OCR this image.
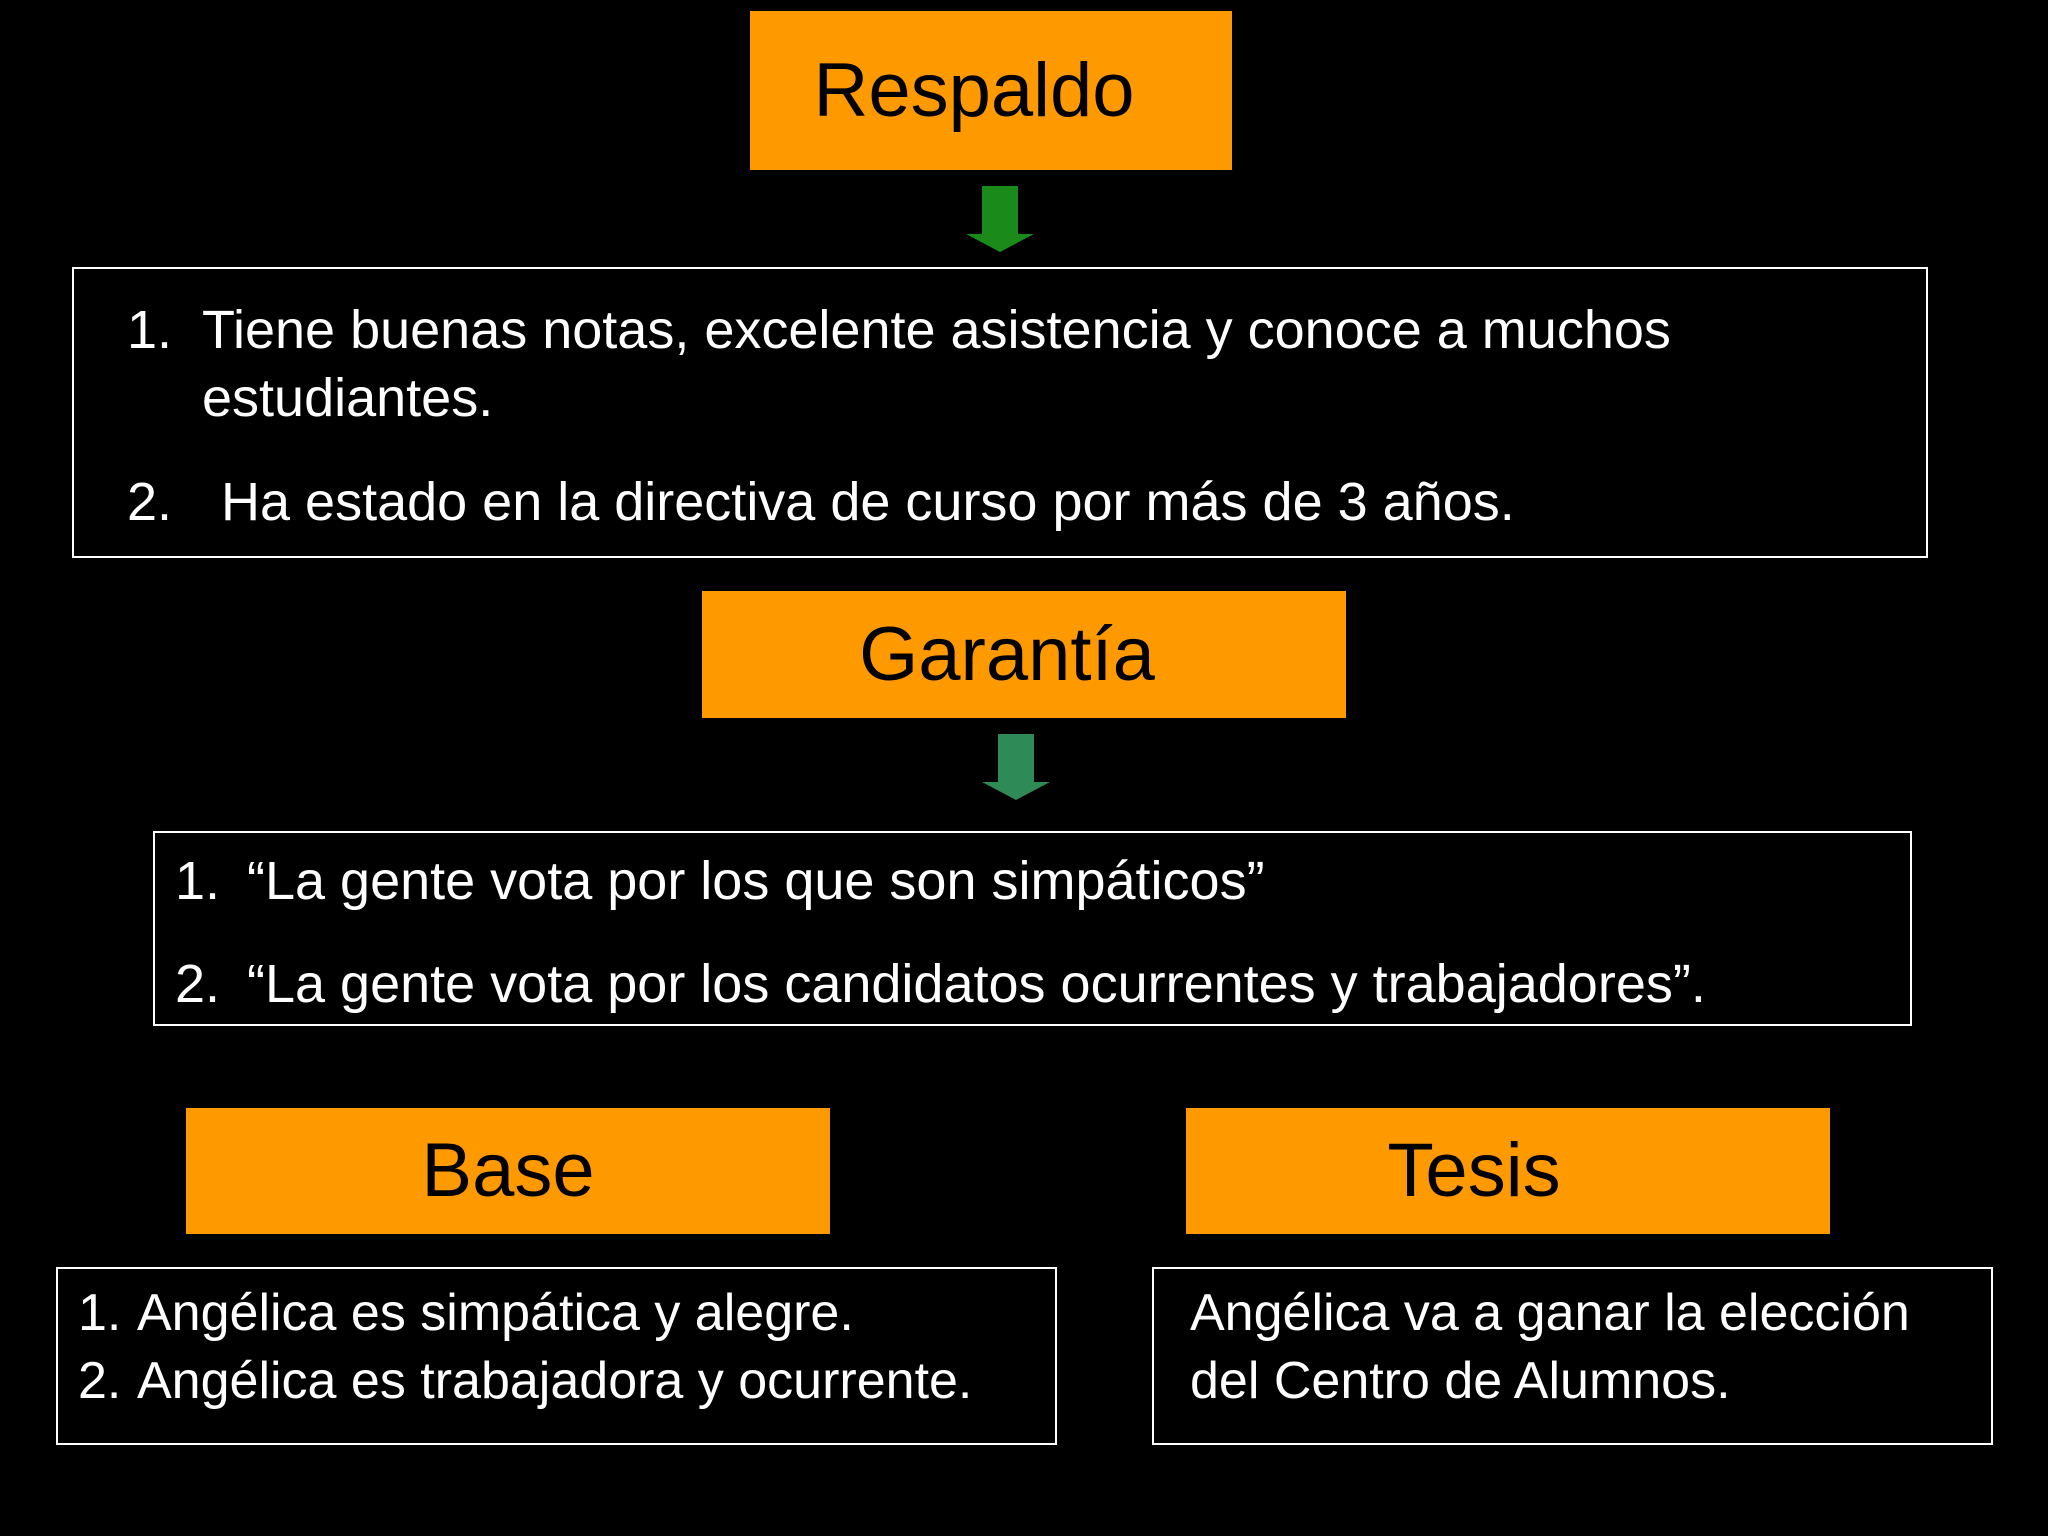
Respaldo
1. Tiene buenas notas, excelente asistencia y conoce a muchos estudiantes.
2. Ha estado en la directiva de curso por más de 3 años.
Garantía
1. “La gente vota por los que son simpáticos”
2. “La gente vota por los candidatos ocurrentes y trabajadores”.
Base
1. Angélica es simpática y alegre.
2. Angélica es trabajadora y ocurrente.
Tesis
Angélica va a ganar la elección del Centro de Alumnos.
